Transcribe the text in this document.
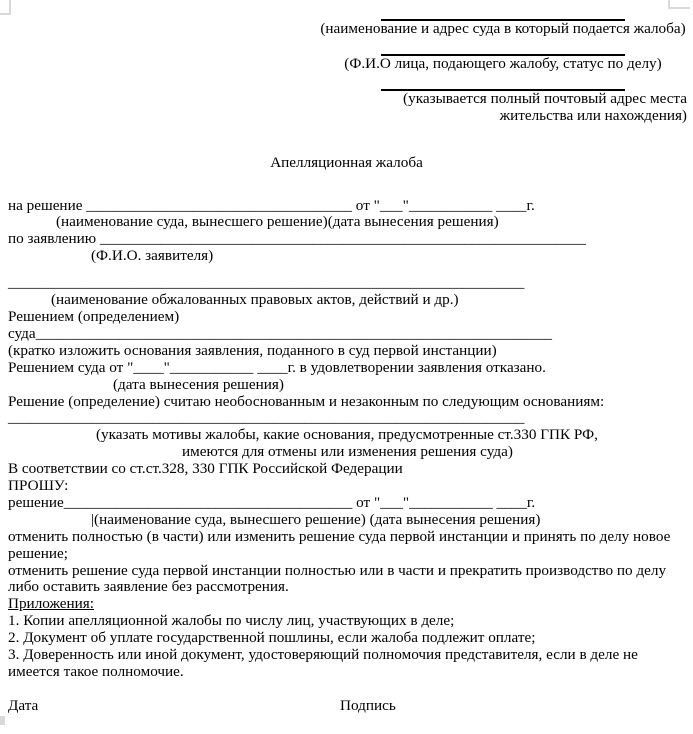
(наименование и адрес суда в который подается жалоба)
(Ф.И.О лица, подающего жалобу, статус по делу)
(указывается полный почтовый адрес места жительства или нахождения)
Апелляционная жалоба
на решение ___________________________________ от "___"___________ ____г.
(наименование суда, вынесшего решение)(дата вынесения решения)
по заявлению ________________________________________________________________
(Ф.И.О. заявителя)
____________________________________________________________________
(наименование обжалованных правовых актов, действий и др.)
Решением (определением)
суда____________________________________________________________________
(кратко изложить основания заявления, поданного в суд первой инстанции)
Решением суда от "____"___________ ____г. в удовлетворении заявления отказано.
(дата вынесения решения)
Решение (определение) считаю необоснованным и незаконным по следующим основаниям:
____________________________________________________________________
(указать мотивы жалобы, какие основания, предусмотренные ст.330 ГПК РФ,
имеются для отмены или изменения решения суда)
В соответствии со ст.ст.328, 330 ГПК Российской Федерации
ПРОШУ:
решение______________________________________ от "___"___________ ____г.
|(наименование суда, вынесшего решение) (дата вынесения решения)
отменить полностью (в части) или изменить решение суда первой инстанции и принять по делу новое решение;
отменить решение суда первой инстанции полностью или в части и прекратить производство по делу либо оставить заявление без рассмотрения.
Приложения:
1. Копии апелляционной жалобы по числу лиц, участвующих в деле;
2. Документ об уплате государственной пошлины, если жалоба подлежит оплате;
3. Доверенность или иной документ, удостоверяющий полномочия представителя, если в деле не имеется такое полномочие.
Дата	Подпись
